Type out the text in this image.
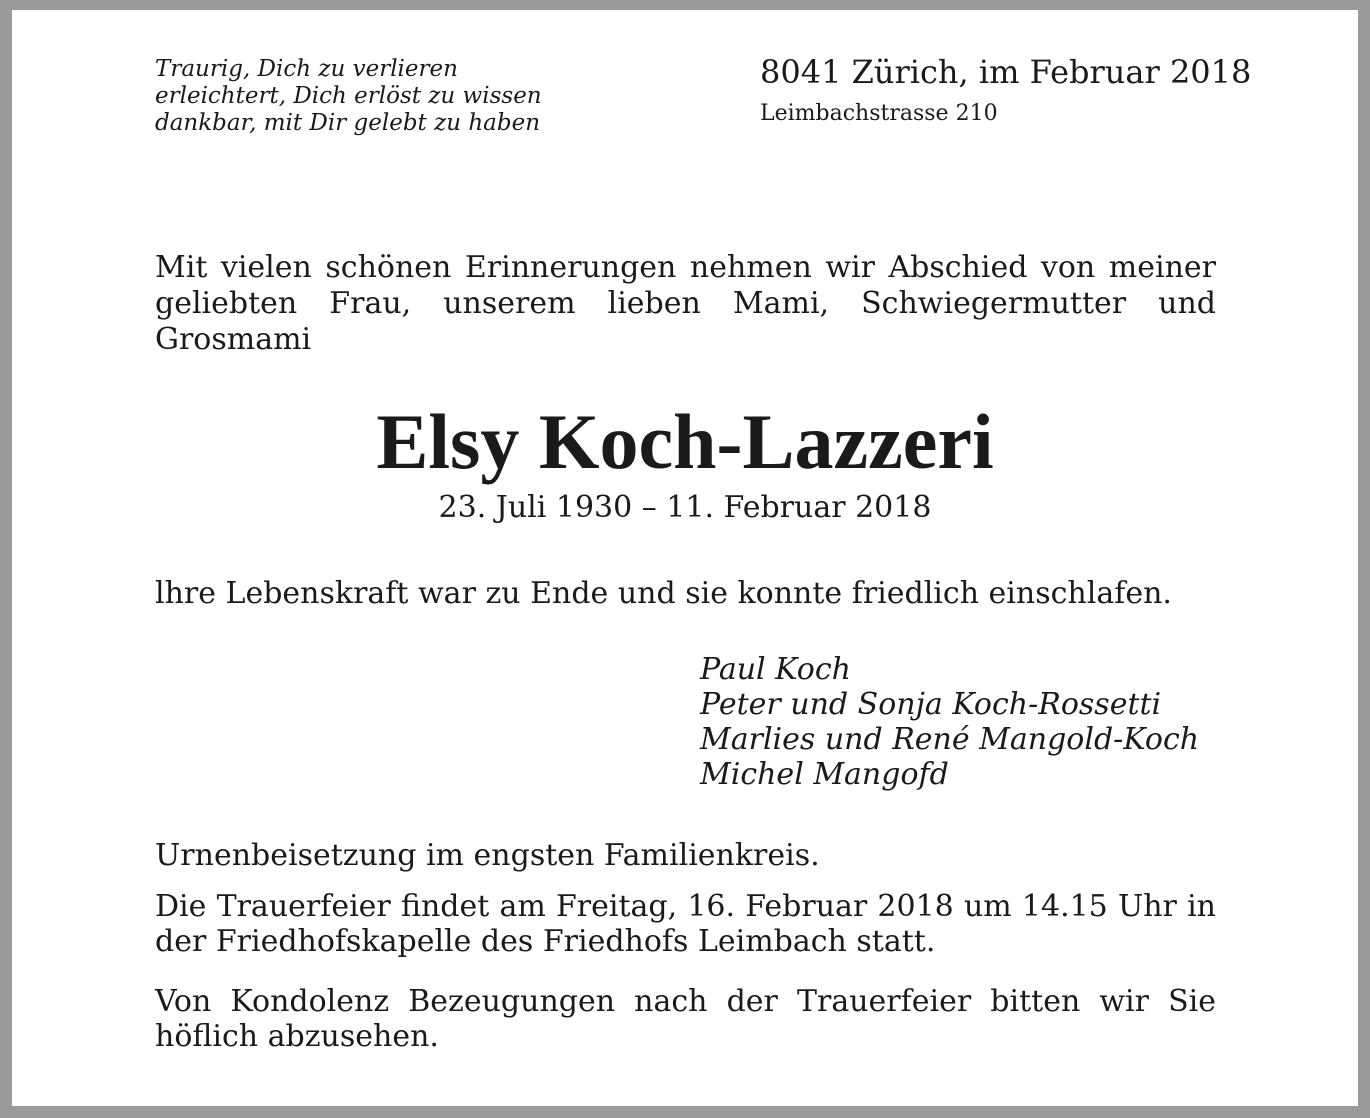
Traurig, Dich zu verlieren
erleichtert, Dich erlöst zu wissen
dankbar, mit Dir gelebt zu haben
8041 Zürich, im Februar 2018
Leimbachstrasse 210

Mit vielen schönen Erinnerungen nehmen wir Abschied von meiner geliebten Frau, unserem lieben Mami, Schwiegermutter und Grosmami

Elsy Koch-Lazzeri
23. Juli 1930 – 11. Februar 2018

lhre Lebenskraft war zu Ende und sie konnte friedlich einschlafen.

Paul Koch
Peter und Sonja Koch-Rossetti
Marlies und René Mangold-Koch
Michel Mangofd

Urnenbeisetzung im engsten Familienkreis.

Die Trauerfeier findet am Freitag, 16. Februar 2018 um 14.15 Uhr in der Friedhofskapelle des Friedhofs Leimbach statt.

Von Kondolenz Bezeugungen nach der Trauerfeier bitten wir Sie höflich abzusehen.
